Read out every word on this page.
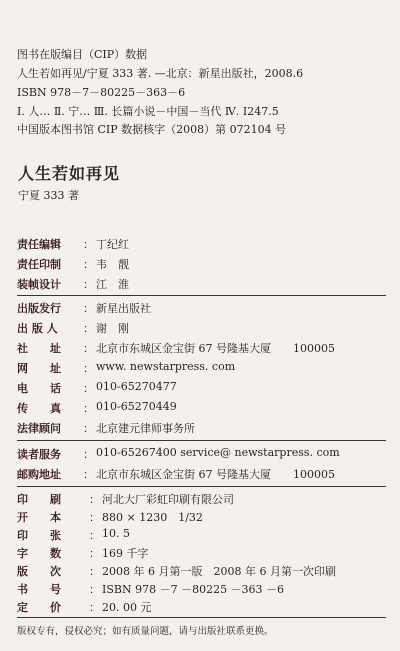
图书在版编目（CIP）数据
人生若如再见/宁夏 333 著. —北京：新星出版社，2008.6
ISBN 978－7－80225－363－6
Ⅰ. 人… Ⅱ. 宁… Ⅲ. 长篇小说－中国－当代 Ⅳ. I247.5
中国版本图书馆 CIP 数据核字（2008）第 072104 号
人生若如再见
宁夏 333 著
责任编辑	： 丁纪红
责任印制	： 韦　靓
装帧设计	： 江　淮
出版发行	： 新星出版社
出 版 人	： 谢　刚
社　　址	： 北京市东城区金宝街 67 号隆基大厦　　100005
网　　址	： www. newstarpress. com
电　　话	： 010-65270477
传　　真	： 010-65270449
法律顾问	： 北京建元律师事务所
读者服务	： 010-65267400 service@ newstarpress. com
邮购地址	： 北京市东城区金宝街 67 号隆基大厦　　100005
印　　刷	： 河北大厂彩虹印刷有限公司
开　　本	： 880 × 1230　1/32
印　　张	： 10. 5
字　　数	： 169 千字
版　　次	： 2008 年 6 月第一版　2008 年 6 月第一次印刷
书　　号	： ISBN 978 －7 －80225 －363 －6
定　　价	： 20. 00 元
版权专有，侵权必究；如有质量问题，请与出版社联系更换。
